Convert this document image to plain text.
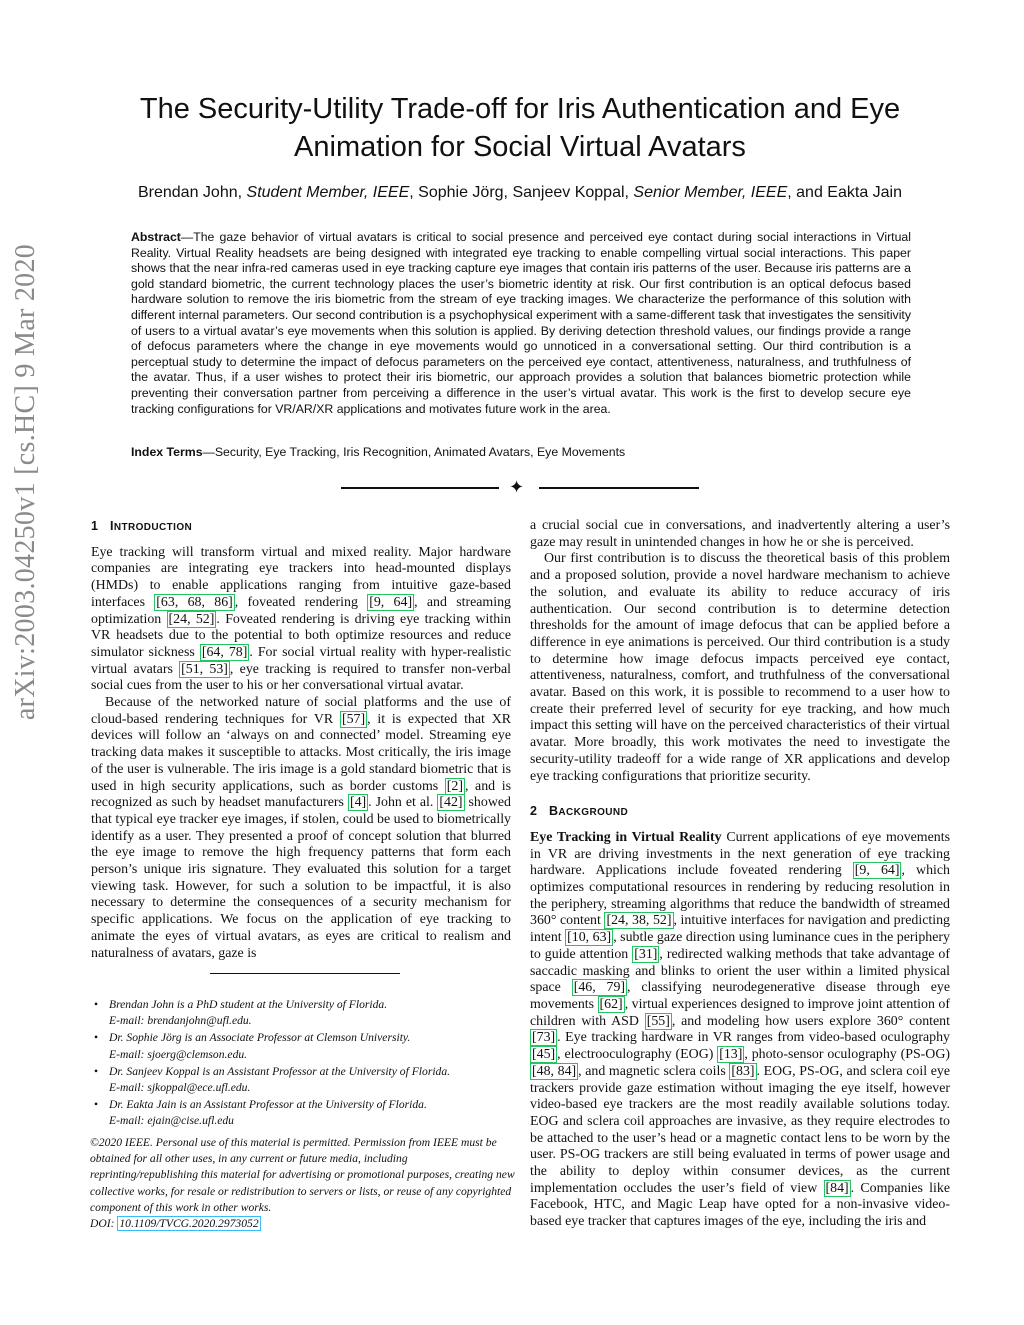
arXiv:2003.04250v1 [cs.HC] 9 Mar 2020
The Security-Utility Trade-off for Iris Authentication and Eye
Animation for Social Virtual Avatars
Brendan John, Student Member, IEEE, Sophie Jörg, Sanjeev Koppal, Senior Member, IEEE, and Eakta Jain
Abstract—The gaze behavior of virtual avatars is critical to social presence and perceived eye contact during social interactions in Virtual Reality. Virtual Reality headsets are being designed with integrated eye tracking to enable compelling virtual social interactions. This paper shows that the near infra-red cameras used in eye tracking capture eye images that contain iris patterns of the user. Because iris patterns are a gold standard biometric, the current technology places the user’s biometric identity at risk. Our first contribution is an optical defocus based hardware solution to remove the iris biometric from the stream of eye tracking images. We characterize the performance of this solution with different internal parameters. Our second contribution is a psychophysical experiment with a same-different task that investigates the sensitivity of users to a virtual avatar’s eye movements when this solution is applied. By deriving detection threshold values, our findings provide a range of defocus parameters where the change in eye movements would go unnoticed in a conversational setting. Our third contribution is a perceptual study to determine the impact of defocus parameters on the perceived eye contact, attentiveness, naturalness, and truthfulness of the avatar. Thus, if a user wishes to protect their iris biometric, our approach provides a solution that balances biometric protection while preventing their conversation partner from perceiving a difference in the user’s virtual avatar. This work is the first to develop secure eye tracking configurations for VR/AR/XR applications and motivates future work in the area.
Index Terms—Security, Eye Tracking, Iris Recognition, Animated Avatars, Eye Movements
✦
1 INTRODUCTION

Eye tracking will transform virtual and mixed reality. Major hardware companies are integrating eye trackers into head-mounted displays (HMDs) to enable applications ranging from intuitive gaze-based interfaces [63, 68, 86] , foveated rendering [9, 64] , and streaming optimization [24, 52] . Foveated rendering is driving eye tracking within VR headsets due to the potential to both optimize resources and reduce simulator sickness [64, 78] . For social virtual reality with hyper-realistic virtual avatars [51, 53] , eye tracking is required to transfer non-verbal social cues from the user to his or her conversational virtual avatar.

Because of the networked nature of social platforms and the use of cloud-based rendering techniques for VR [57] , it is expected that XR devices will follow an ‘always on and connected’ model. Streaming eye tracking data makes it susceptible to attacks. Most critically, the iris image of the user is vulnerable. The iris image is a gold standard biometric that is used in high security applications, such as border customs [2] , and is recognized as such by headset manufacturers [4] . John et al. [42] showed that typical eye tracker eye images, if stolen, could be used to biometrically identify as a user. They presented a proof of concept solution that blurred the eye image to remove the high frequency patterns that form each person’s unique iris signature. They evaluated this solution for a target viewing task. However, for such a solution to be impactful, it is also necessary to determine the consequences of a security mechanism for specific applications. We focus on the application of eye tracking to animate the eyes of virtual avatars, as eyes are critical to realism and naturalness of avatars, gaze is

• Brendan John is a PhD student at the University of Florida.
E-mail: brendanjohn@ufl.edu.
• Dr. Sophie Jörg is an Associate Professor at Clemson University.
E-mail: sjoerg@clemson.edu.
• Dr. Sanjeev Koppal is an Assistant Professor at the University of Florida.
E-mail: sjkoppal@ece.ufl.edu.
• Dr. Eakta Jain is an Assistant Professor at the University of Florida.
E-mail: ejain@cise.ufl.edu
©2020 IEEE. Personal use of this material is permitted. Permission from IEEE must be obtained for all other uses, in any current or future media, including reprinting/republishing this material for advertising or promotional purposes, creating new collective works, for resale or redistribution to servers or lists, or reuse of any copyrighted component of this work in other works.
DOI: 10.1109/TVCG.2020.2973052

a crucial social cue in conversations, and inadvertently altering a user’s gaze may result in unintended changes in how he or she is perceived.

Our first contribution is to discuss the theoretical basis of this problem and a proposed solution, provide a novel hardware mechanism to achieve the solution, and evaluate its ability to reduce accuracy of iris authentication. Our second contribution is to determine detection thresholds for the amount of image defocus that can be applied before a difference in eye animations is perceived. Our third contribution is a study to determine how image defocus impacts perceived eye contact, attentiveness, naturalness, comfort, and truthfulness of the conversational avatar. Based on this work, it is possible to recommend to a user how to create their preferred level of security for eye tracking, and how much impact this setting will have on the perceived characteristics of their virtual avatar. More broadly, this work motivates the need to investigate the security-utility tradeoff for a wide range of XR applications and develop eye tracking configurations that prioritize security.

2 BACKGROUND

Eye Tracking in Virtual Reality Current applications of eye movements in VR are driving investments in the next generation of eye tracking hardware. Applications include foveated rendering [9, 64] , which optimizes computational resources in rendering by reducing resolution in the periphery, streaming algorithms that reduce the bandwidth of streamed 360° content [24, 38, 52] , intuitive interfaces for navigation and predicting intent [10, 63] , subtle gaze direction using luminance cues in the periphery to guide attention [31] , redirected walking methods that take advantage of saccadic masking and blinks to orient the user within a limited physical space [46, 79] , classifying neurodegenerative disease through eye movements [62] , virtual experiences designed to improve joint attention of children with ASD [55] , and modeling how users explore 360° content [73] . Eye tracking hardware in VR ranges from video-based oculography [45] , electrooculography (EOG) [13] , photo-sensor oculography (PS-OG) [48, 84] , and magnetic sclera coils [83] . EOG, PS-OG, and sclera coil eye trackers provide gaze estimation without imaging the eye itself, however video-based eye trackers are the most readily available solutions today. EOG and sclera coil approaches are invasive, as they require electrodes to be attached to the user’s head or a magnetic contact lens to be worn by the user. PS-OG trackers are still being evaluated in terms of power usage and the ability to deploy within consumer devices, as the current implementation occludes the user’s field of view [84] . Companies like Facebook, HTC, and Magic Leap have opted for a non-invasive video-based eye tracker that captures images of the eye, including the iris and
